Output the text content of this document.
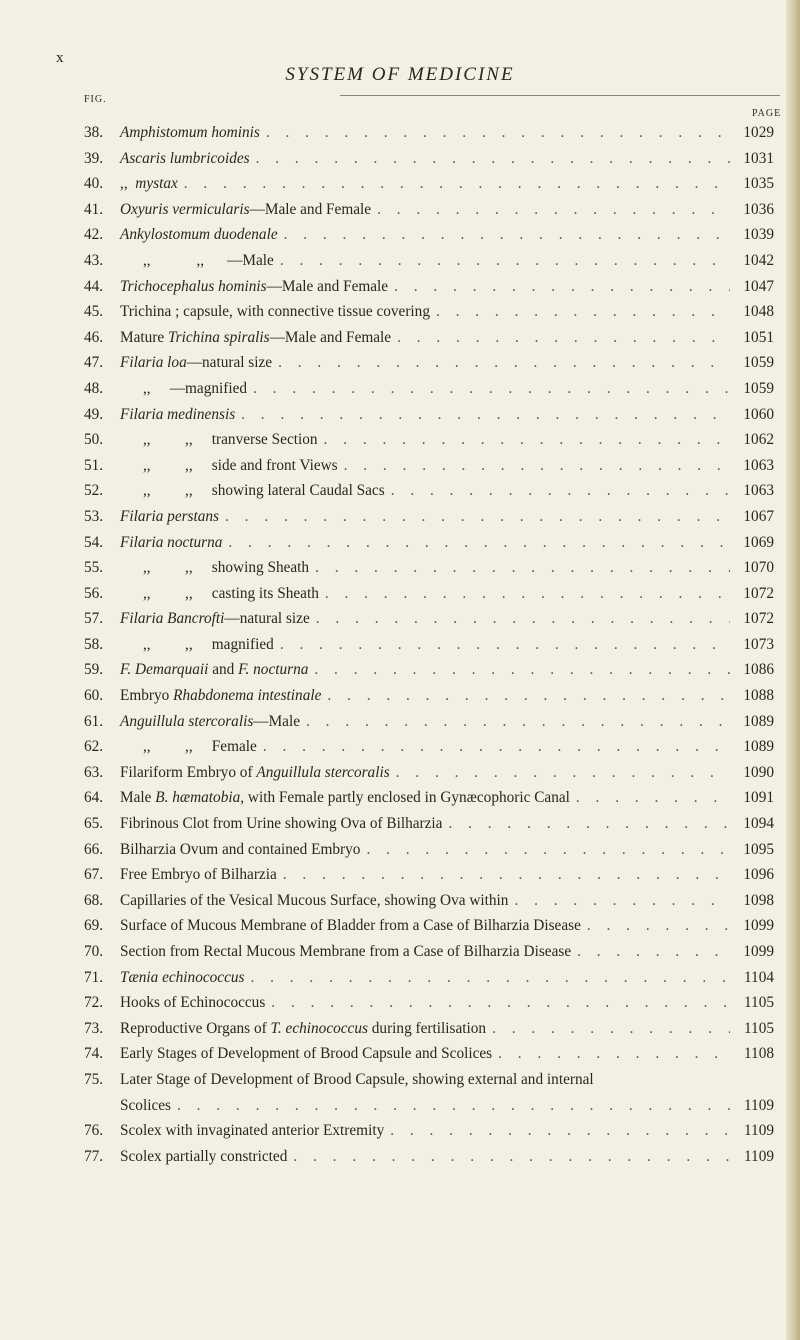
x
SYSTEM OF MEDICINE
FIG.
PAGE
38.	Amphistomum hominis . . .	1029
39.	Ascaris lumbricoides . . .	1031
40.	,,  mystax . . .	1035
41.	Oxyuris vermicularis—Male and Female . . .	1036
42.	Ankylostomum duodenale . . .	1039
43.	,,            ,,      —Male . . .	1042
44.	Trichocephalus hominis—Male and Female . . .	1047
45.	Trichina ; capsule, with connective tissue covering . . .	1048
46.	Mature Trichina spiralis—Male and Female . . .	1051
47.	Filaria loa—natural size . . .	1059
48.	,,     —magnified . . .	1059
49.	Filaria medinensis . . .	1060
50.	,,         ,,     tranverse Section . . .	1062
51.	,,         ,,     side and front Views . . .	1063
52.	,,         ,,     showing lateral Caudal Sacs . . .	1063
53.	Filaria perstans . . .	1067
54.	Filaria nocturna . . .	1069
55.	,,         ,,     showing Sheath . . .	1070
56.	,,         ,,     casting its Sheath . . .	1072
57.	Filaria Bancrofti—natural size . . .	1072
58.	,,         ,,     magnified . . .	1073
59.	F. Demarquaii and F. nocturna . . .	1086
60.	Embryo Rhabdonema intestinale . . .	1088
61.	Anguillula stercoralis—Male . . .	1089
62.	,,         ,,     Female . . .	1089
63.	Filariform Embryo of Anguillula stercoralis . . .	1090
64.	Male B. hæmatobia, with Female partly enclosed in Gynæcophoric Canal . . .	1091
65.	Fibrinous Clot from Urine showing Ova of Bilharzia . . .	1094
66.	Bilharzia Ovum and contained Embryo . . .	1095
67.	Free Embryo of Bilharzia . . .	1096
68.	Capillaries of the Vesical Mucous Surface, showing Ova within . . .	1098
69.	Surface of Mucous Membrane of Bladder from a Case of Bilharzia Disease . . .	1099
70.	Section from Rectal Mucous Membrane from a Case of Bilharzia Disease . . .	1099
71.	Tænia echinococcus . . .	1104
72.	Hooks of Echinococcus . . .	1105
73.	Reproductive Organs of T. echinococcus during fertilisation . . .	1105
74.	Early Stages of Development of Brood Capsule and Scolices . . .	1108
75.	Later Stage of Development of Brood Capsule, showing external and internal
Scolices . . .	1109
76.	Scolex with invaginated anterior Extremity . . .	1109
77.	Scolex partially constricted . . .	1109
